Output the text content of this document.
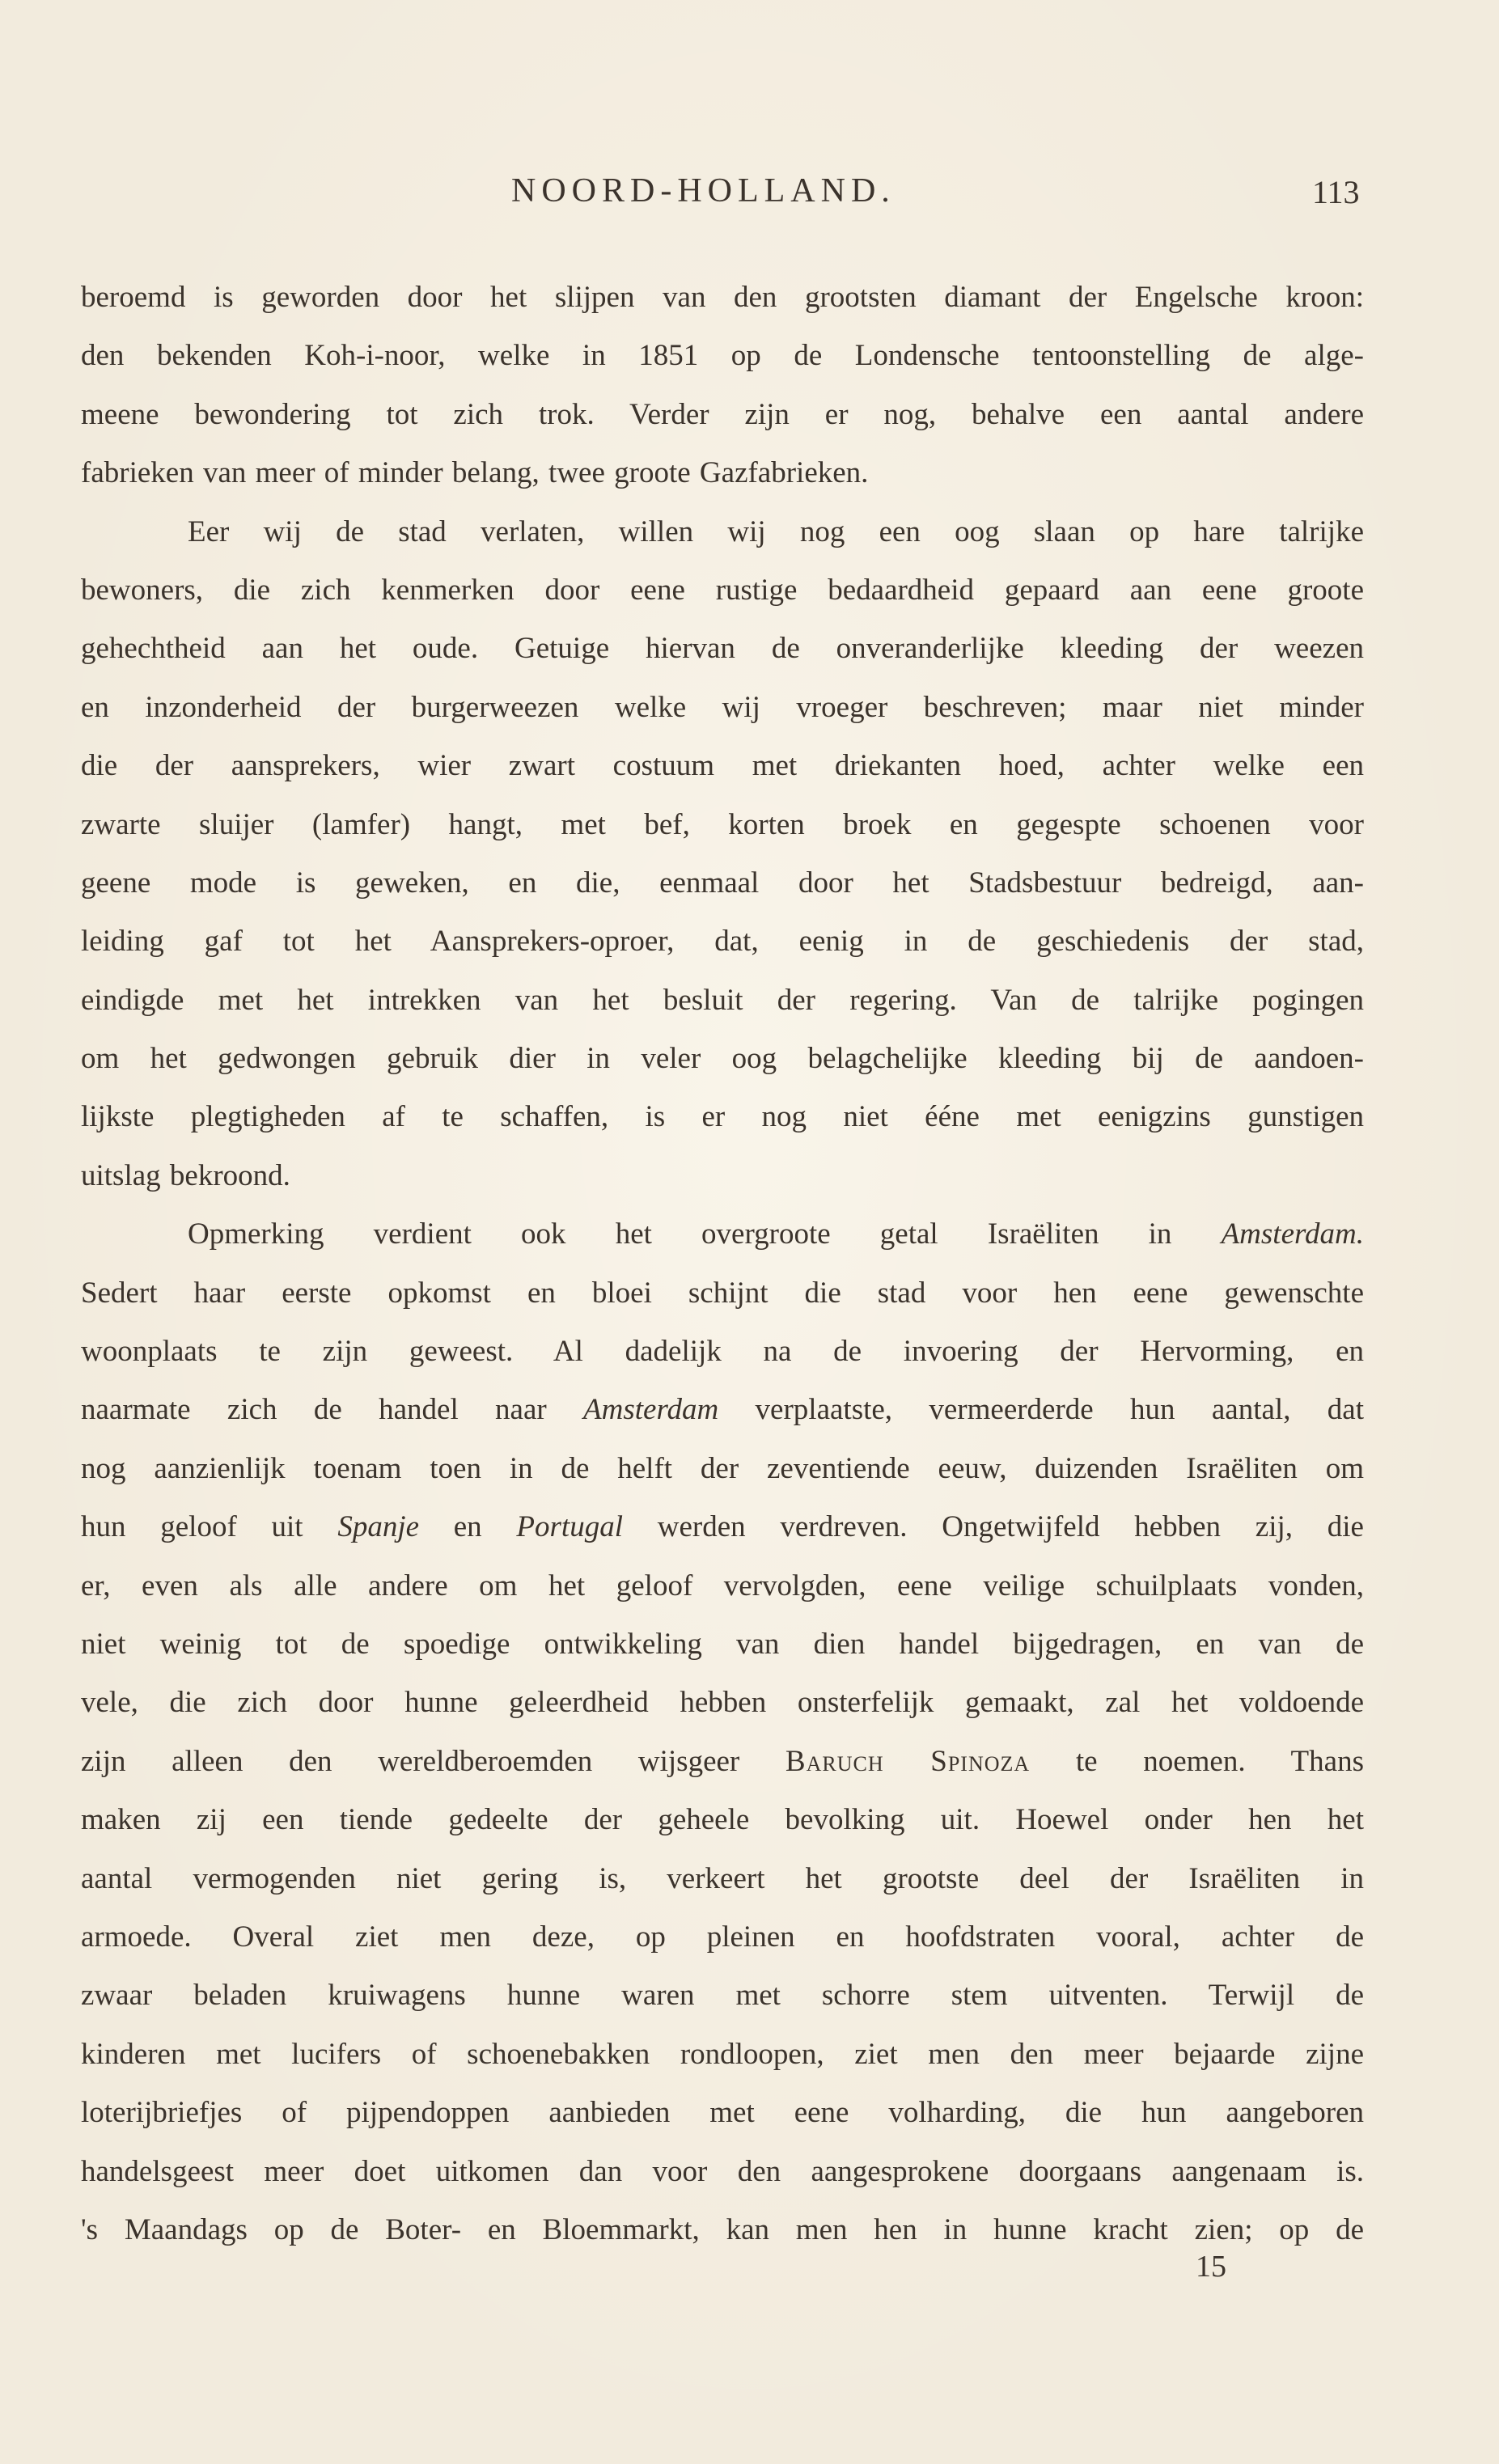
NOORD-HOLLAND.	113
beroemd is geworden door het slijpen van den grootsten diamant der Engelsche kroon:
den bekenden Koh-i-noor, welke in 1851 op de Londensche tentoonstelling de alge-
meene bewondering tot zich trok. Verder zijn er nog, behalve een aantal andere
fabrieken van meer of minder belang, twee groote Gazfabrieken.
Eer wij de stad verlaten, willen wij nog een oog slaan op hare talrijke
bewoners, die zich kenmerken door eene rustige bedaardheid gepaard aan eene groote
gehechtheid aan het oude. Getuige hiervan de onveranderlijke kleeding der weezen
en inzonderheid der burgerweezen welke wij vroeger beschreven; maar niet minder
die der aansprekers, wier zwart costuum met driekanten hoed, achter welke een
zwarte sluijer (lamfer) hangt, met bef, korten broek en gegespte schoenen voor
geene mode is geweken, en die, eenmaal door het Stadsbestuur bedreigd, aan-
leiding gaf tot het Aansprekers-oproer, dat, eenig in de geschiedenis der stad,
eindigde met het intrekken van het besluit der regering. Van de talrijke pogingen
om het gedwongen gebruik dier in veler oog belagchelijke kleeding bij de aandoen-
lijkste plegtigheden af te schaffen, is er nog niet ééne met eenigzins gunstigen
uitslag bekroond.
Opmerking verdient ook het overgroote getal Israëliten in Amsterdam.
Sedert haar eerste opkomst en bloei schijnt die stad voor hen eene gewenschte
woonplaats te zijn geweest. Al dadelijk na de invoering der Hervorming, en
naarmate zich de handel naar Amsterdam verplaatste, vermeerderde hun aantal, dat
nog aanzienlijk toenam toen in de helft der zeventiende eeuw, duizenden Israëliten om
hun geloof uit Spanje en Portugal werden verdreven. Ongetwijfeld hebben zij, die
er, even als alle andere om het geloof vervolgden, eene veilige schuilplaats vonden,
niet weinig tot de spoedige ontwikkeling van dien handel bijgedragen, en van de
vele, die zich door hunne geleerdheid hebben onsterfelijk gemaakt, zal het voldoende
zijn alleen den wereldberoemden wijsgeer Baruch Spinoza te noemen. Thans
maken zij een tiende gedeelte der geheele bevolking uit. Hoewel onder hen het
aantal vermogenden niet gering is, verkeert het grootste deel der Israëliten in
armoede. Overal ziet men deze, op pleinen en hoofdstraten vooral, achter de
zwaar beladen kruiwagens hunne waren met schorre stem uitventen. Terwijl de
kinderen met lucifers of schoenebakken rondloopen, ziet men den meer bejaarde zijne
loterijbriefjes of pijpendoppen aanbieden met eene volharding, die hun aangeboren
handelsgeest meer doet uitkomen dan voor den aangesprokene doorgaans aangenaam is.
's Maandags op de Boter- en Bloemmarkt, kan men hen in hunne kracht zien; op de
15
